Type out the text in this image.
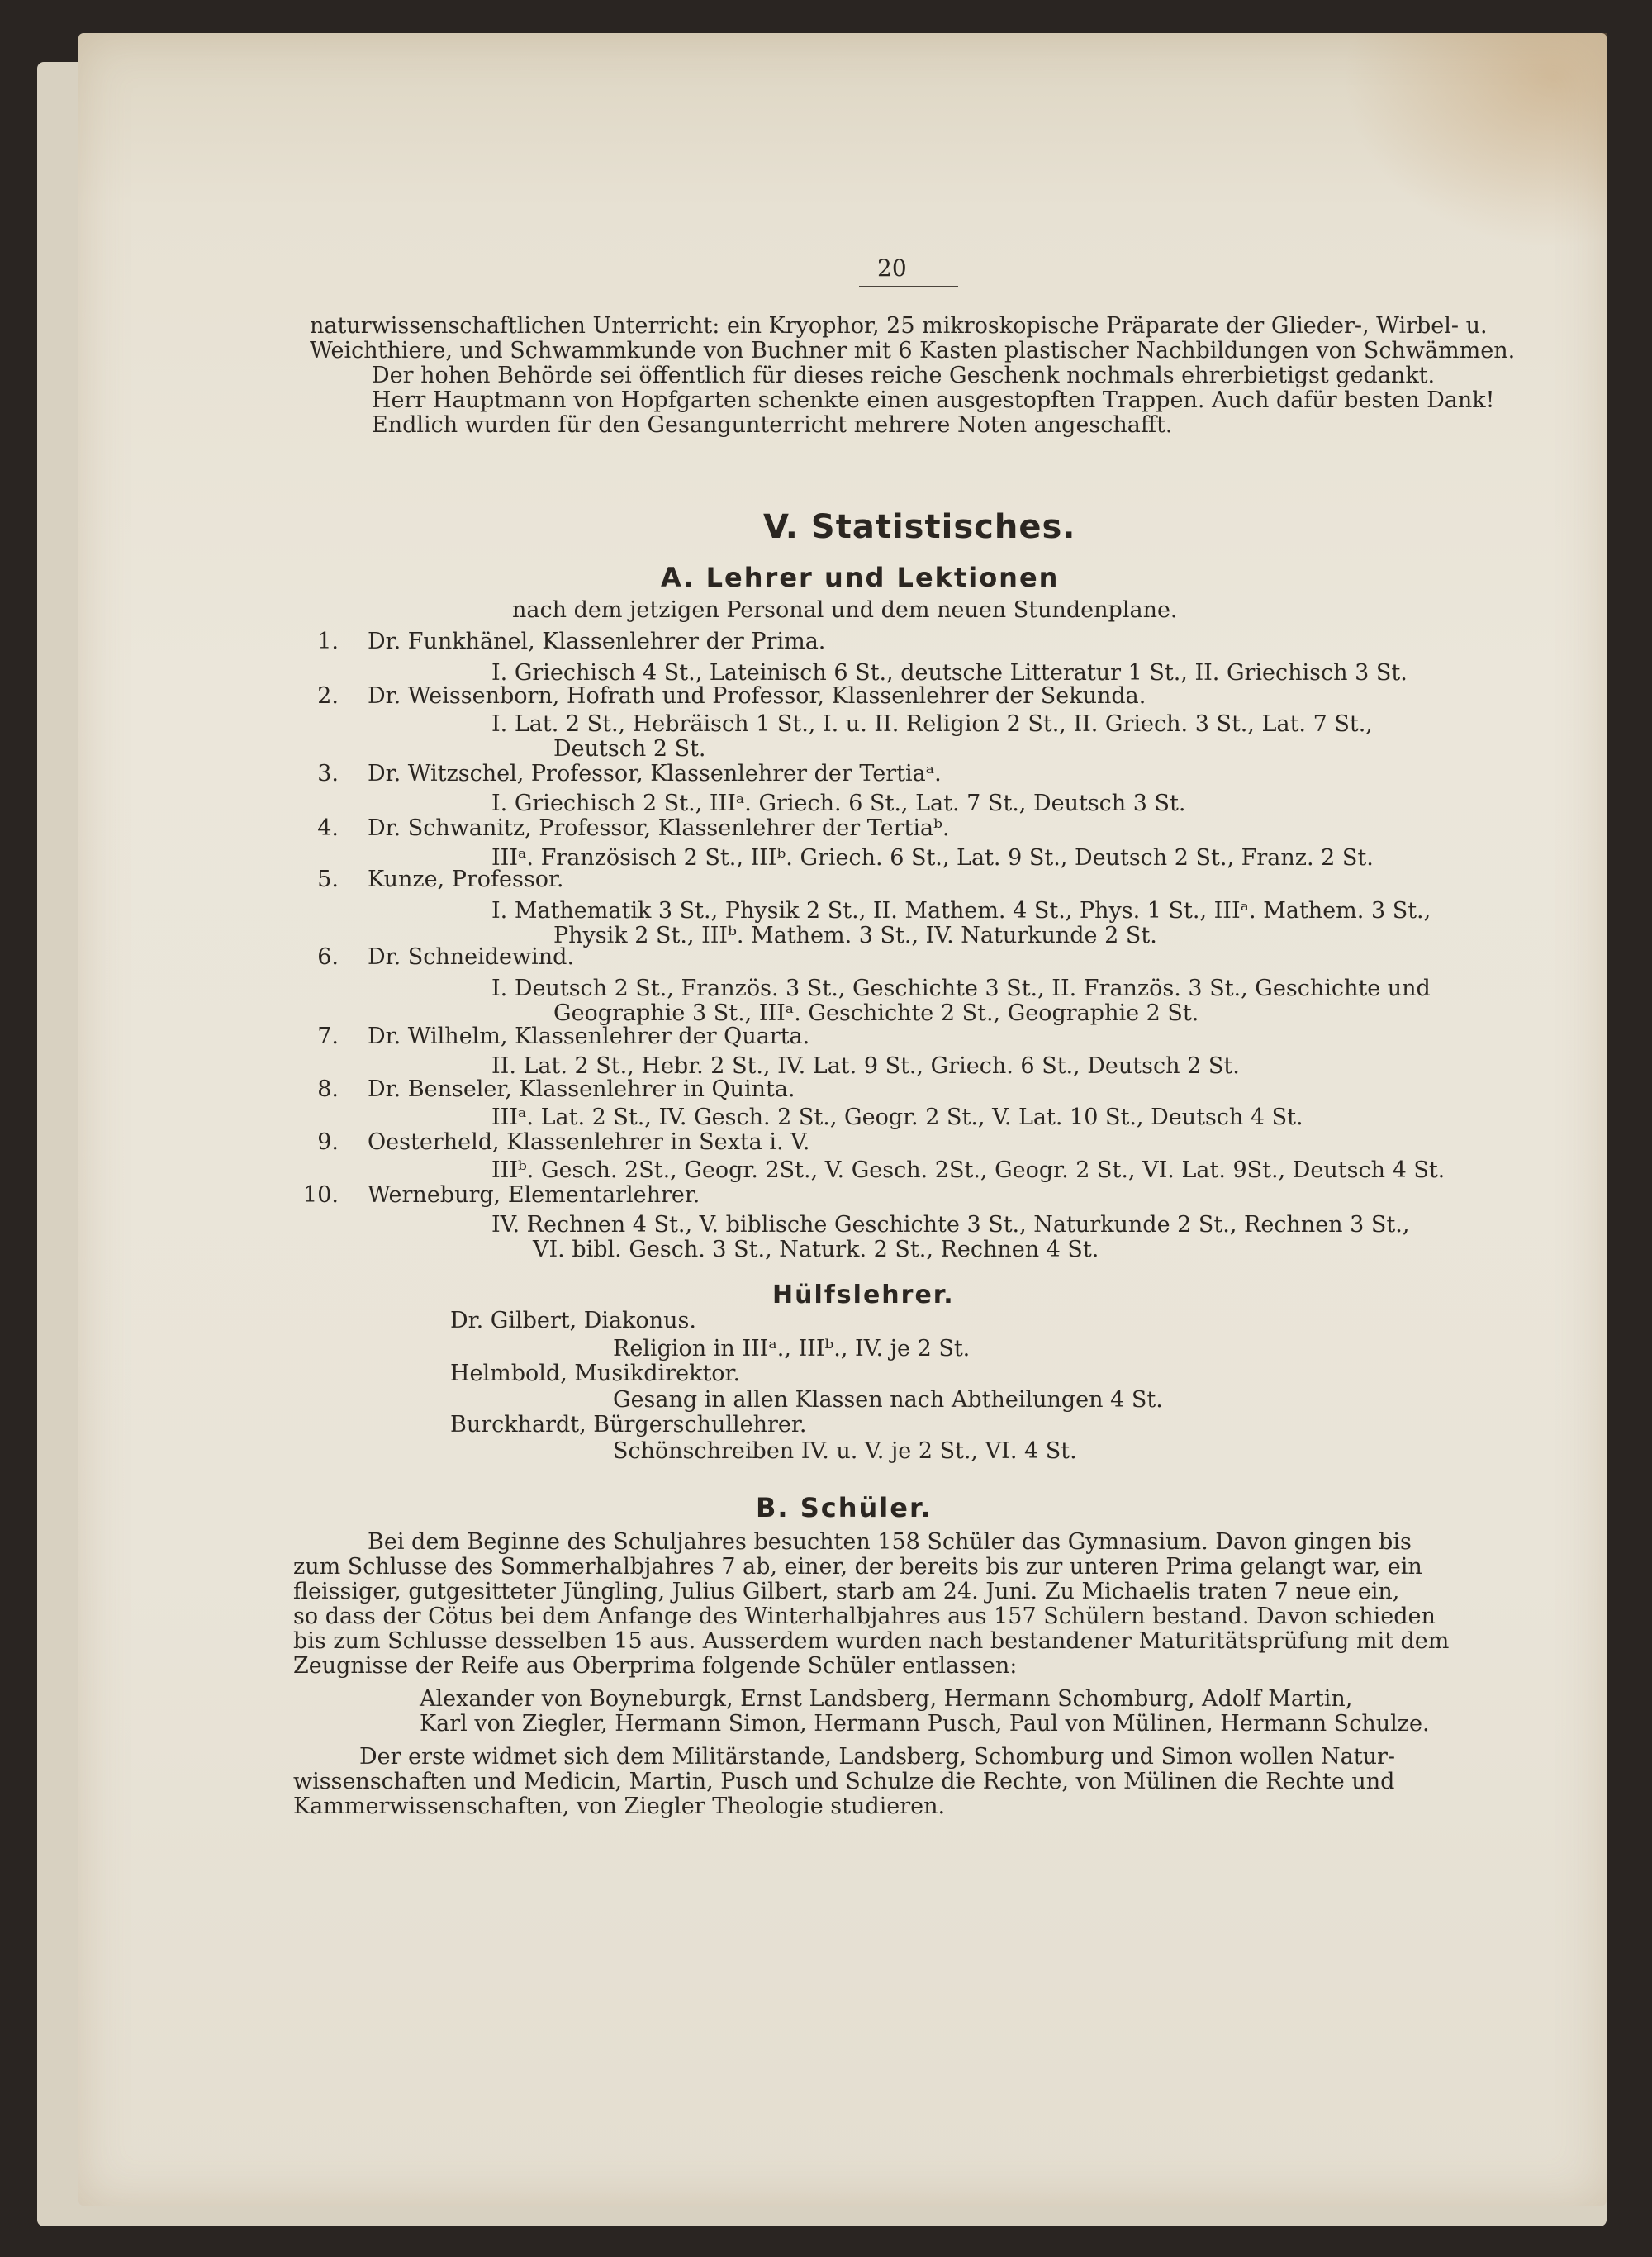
20
naturwissenschaftlichen Unterricht: ein Kryophor, 25 mikroskopische Präparate der Glieder-, Wirbel- u.
Weichthiere, und Schwammkunde von Buchner mit 6 Kasten plastischer Nachbildungen von Schwämmen.
Der hohen Behörde sei öffentlich für dieses reiche Geschenk nochmals ehrerbietigst gedankt.
Herr Hauptmann von Hopfgarten schenkte einen ausgestopften Trappen. Auch dafür besten Dank!
Endlich wurden für den Gesangunterricht mehrere Noten angeschafft.
V. Statistisches.
A. Lehrer und Lektionen
nach dem jetzigen Personal und dem neuen Stundenplane.
1. Dr. Funkhänel, Klassenlehrer der Prima.
I. Griechisch 4 St., Lateinisch 6 St., deutsche Litteratur 1 St., II. Griechisch 3 St.
2. Dr. Weissenborn, Hofrath und Professor, Klassenlehrer der Sekunda.
I. Lat. 2 St., Hebräisch 1 St., I. u. II. Religion 2 St., II. Griech. 3 St., Lat. 7 St.,
Deutsch 2 St.
3. Dr. Witzschel, Professor, Klassenlehrer der Tertiaᵃ.
I. Griechisch 2 St., IIIᵃ. Griech. 6 St., Lat. 7 St., Deutsch 3 St.
4. Dr. Schwanitz, Professor, Klassenlehrer der Tertiaᵇ.
IIIᵃ. Französisch 2 St., IIIᵇ. Griech. 6 St., Lat. 9 St., Deutsch 2 St., Franz. 2 St.
5. Kunze, Professor.
I. Mathematik 3 St., Physik 2 St., II. Mathem. 4 St., Phys. 1 St., IIIᵃ. Mathem. 3 St.,
Physik 2 St., IIIᵇ. Mathem. 3 St., IV. Naturkunde 2 St.
6. Dr. Schneidewind.
I. Deutsch 2 St., Französ. 3 St., Geschichte 3 St., II. Französ. 3 St., Geschichte und
Geographie 3 St., IIIᵃ. Geschichte 2 St., Geographie 2 St.
7. Dr. Wilhelm, Klassenlehrer der Quarta.
II. Lat. 2 St., Hebr. 2 St., IV. Lat. 9 St., Griech. 6 St., Deutsch 2 St.
8. Dr. Benseler, Klassenlehrer in Quinta.
IIIᵃ. Lat. 2 St., IV. Gesch. 2 St., Geogr. 2 St., V. Lat. 10 St., Deutsch 4 St.
9. Oesterheld, Klassenlehrer in Sexta i. V.
IIIᵇ. Gesch. 2St., Geogr. 2St., V. Gesch. 2St., Geogr. 2 St., VI. Lat. 9St., Deutsch 4 St.
10. Werneburg, Elementarlehrer.
IV. Rechnen 4 St., V. biblische Geschichte 3 St., Naturkunde 2 St., Rechnen 3 St.,
VI. bibl. Gesch. 3 St., Naturk. 2 St., Rechnen 4 St.
Hülfslehrer.
Dr. Gilbert, Diakonus.
Religion in IIIᵃ., IIIᵇ., IV. je 2 St.
Helmbold, Musikdirektor.
Gesang in allen Klassen nach Abtheilungen 4 St.
Burckhardt, Bürgerschullehrer.
Schönschreiben IV. u. V. je 2 St., VI. 4 St.
B. Schüler.
Bei dem Beginne des Schuljahres besuchten 158 Schüler das Gymnasium. Davon gingen bis
zum Schlusse des Sommerhalbjahres 7 ab, einer, der bereits bis zur unteren Prima gelangt war, ein
fleissiger, gutgesitteter Jüngling, Julius Gilbert, starb am 24. Juni. Zu Michaelis traten 7 neue ein,
so dass der Cötus bei dem Anfange des Winterhalbjahres aus 157 Schülern bestand. Davon schieden
bis zum Schlusse desselben 15 aus. Ausserdem wurden nach bestandener Maturitätsprüfung mit dem
Zeugnisse der Reife aus Oberprima folgende Schüler entlassen:
Alexander von Boyneburgk, Ernst Landsberg, Hermann Schomburg, Adolf Martin,
Karl von Ziegler, Hermann Simon, Hermann Pusch, Paul von Mülinen, Hermann Schulze.
Der erste widmet sich dem Militärstande, Landsberg, Schomburg und Simon wollen Natur-
wissenschaften und Medicin, Martin, Pusch und Schulze die Rechte, von Mülinen die Rechte und
Kammerwissenschaften, von Ziegler Theologie studieren.
